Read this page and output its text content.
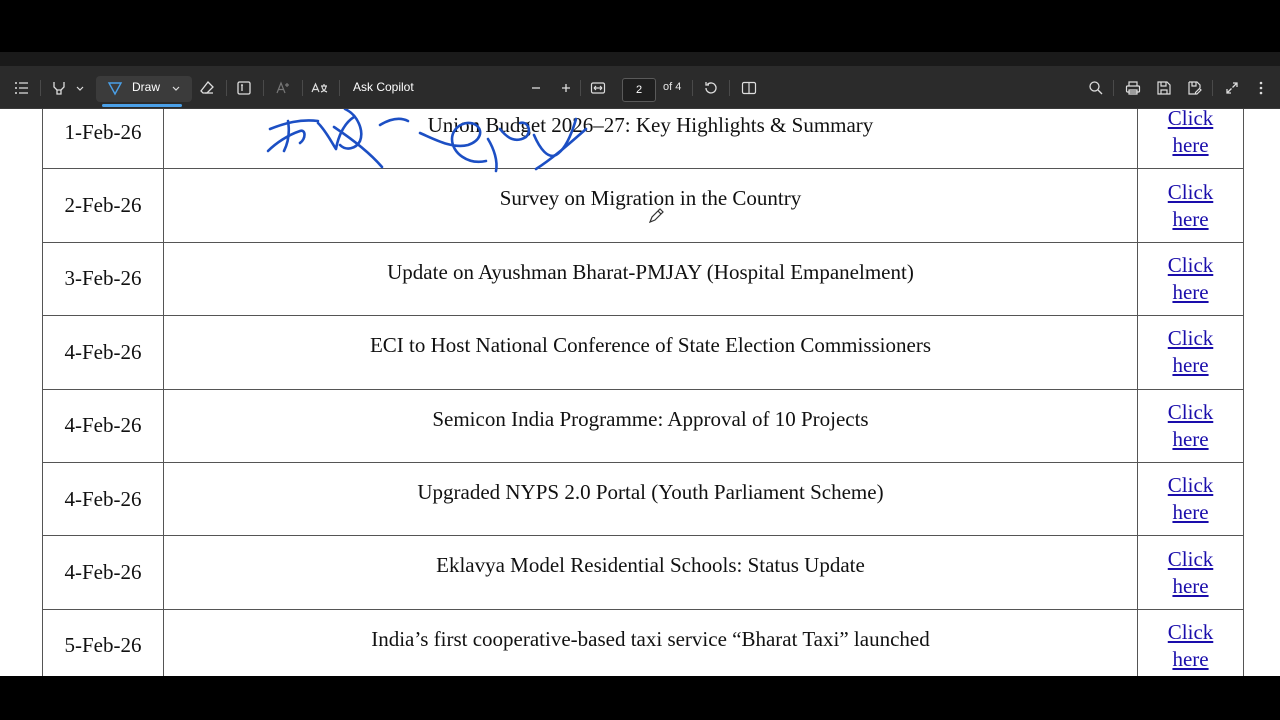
Draw	Ask Copilot	2	of 4
1-Feb-26	Union Budget 2026–27: Key Highlights & Summary	Click
here
2-Feb-26	Survey on Migration in the Country	Click
here
3-Feb-26	Update on Ayushman Bharat-PMJAY (Hospital Empanelment)	Click
here
4-Feb-26	ECI to Host National Conference of State Election Commissioners	Click
here
4-Feb-26	Semicon India Programme: Approval of 10 Projects	Click
here
4-Feb-26	Upgraded NYPS 2.0 Portal (Youth Parliament Scheme)	Click
here
4-Feb-26	Eklavya Model Residential Schools: Status Update	Click
here
5-Feb-26	India’s first cooperative-based taxi service “Bharat Taxi” launched	Click
here
